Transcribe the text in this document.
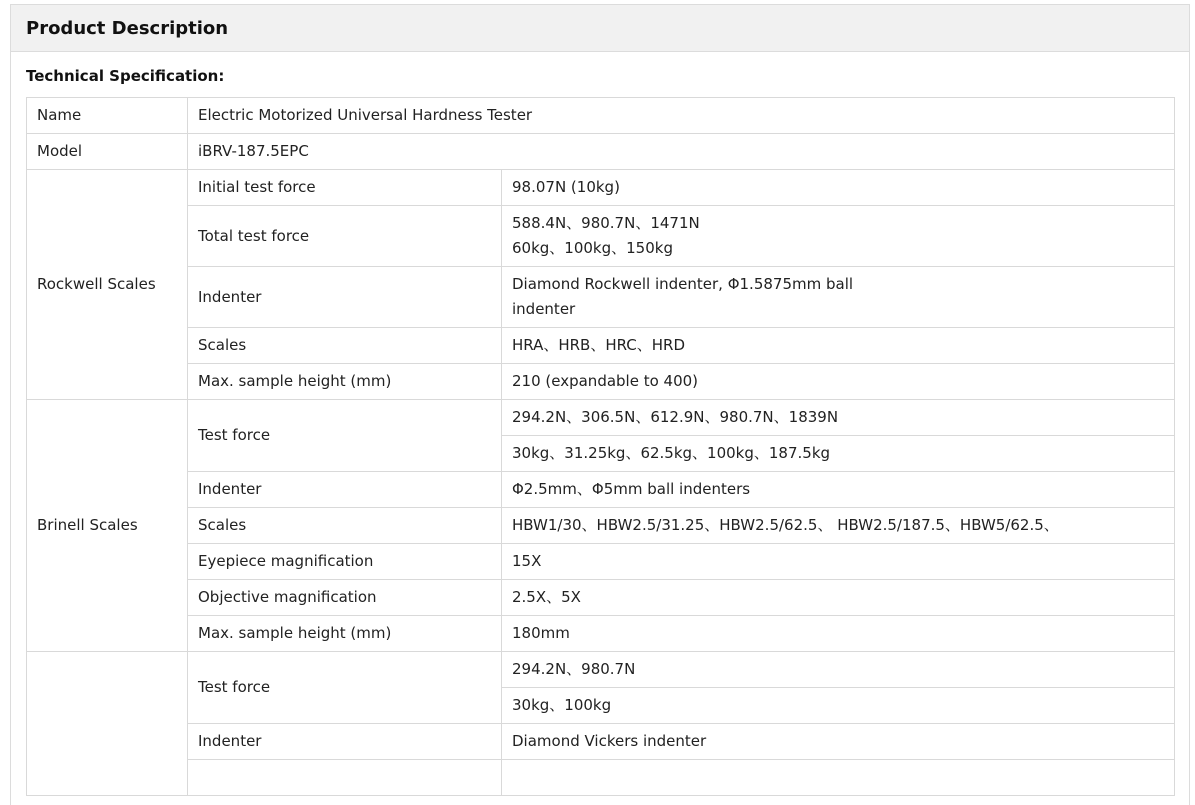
Product Description
Technical Specification:
Name	Electric Motorized Universal Hardness Tester	
Model	iBRV-187.5EPC	
Rockwell Scales	Initial test force	98.07N (10kg)
	Total test force	588.4N、980.7N、1471N
60kg、100kg、150kg

	Indenter	Diamond Rockwell indenter, Φ1.5875mm ball
indenter

	Scales	HRA、HRB、HRC、HRD
	Max. sample height (mm)	210 (expandable to 400)
Brinell Scales	Test force	294.2N、306.5N、612.9N、980.7N、1839N
		30kg、31.25kg、62.5kg、100kg、187.5kg
	Indenter	Φ2.5mm、Φ5mm ball indenters
	Scales	HBW1/30、HBW2.5/31.25、HBW2.5/62.5、 HBW2.5/187.5、HBW5/62.5、
	Eyepiece magnification	15X
	Objective magnification	2.5X、5X
	Max. sample height (mm)	180mm
	Test force	294.2N、980.7N
		30kg、100kg
	Indenter	Diamond Vickers indenter
